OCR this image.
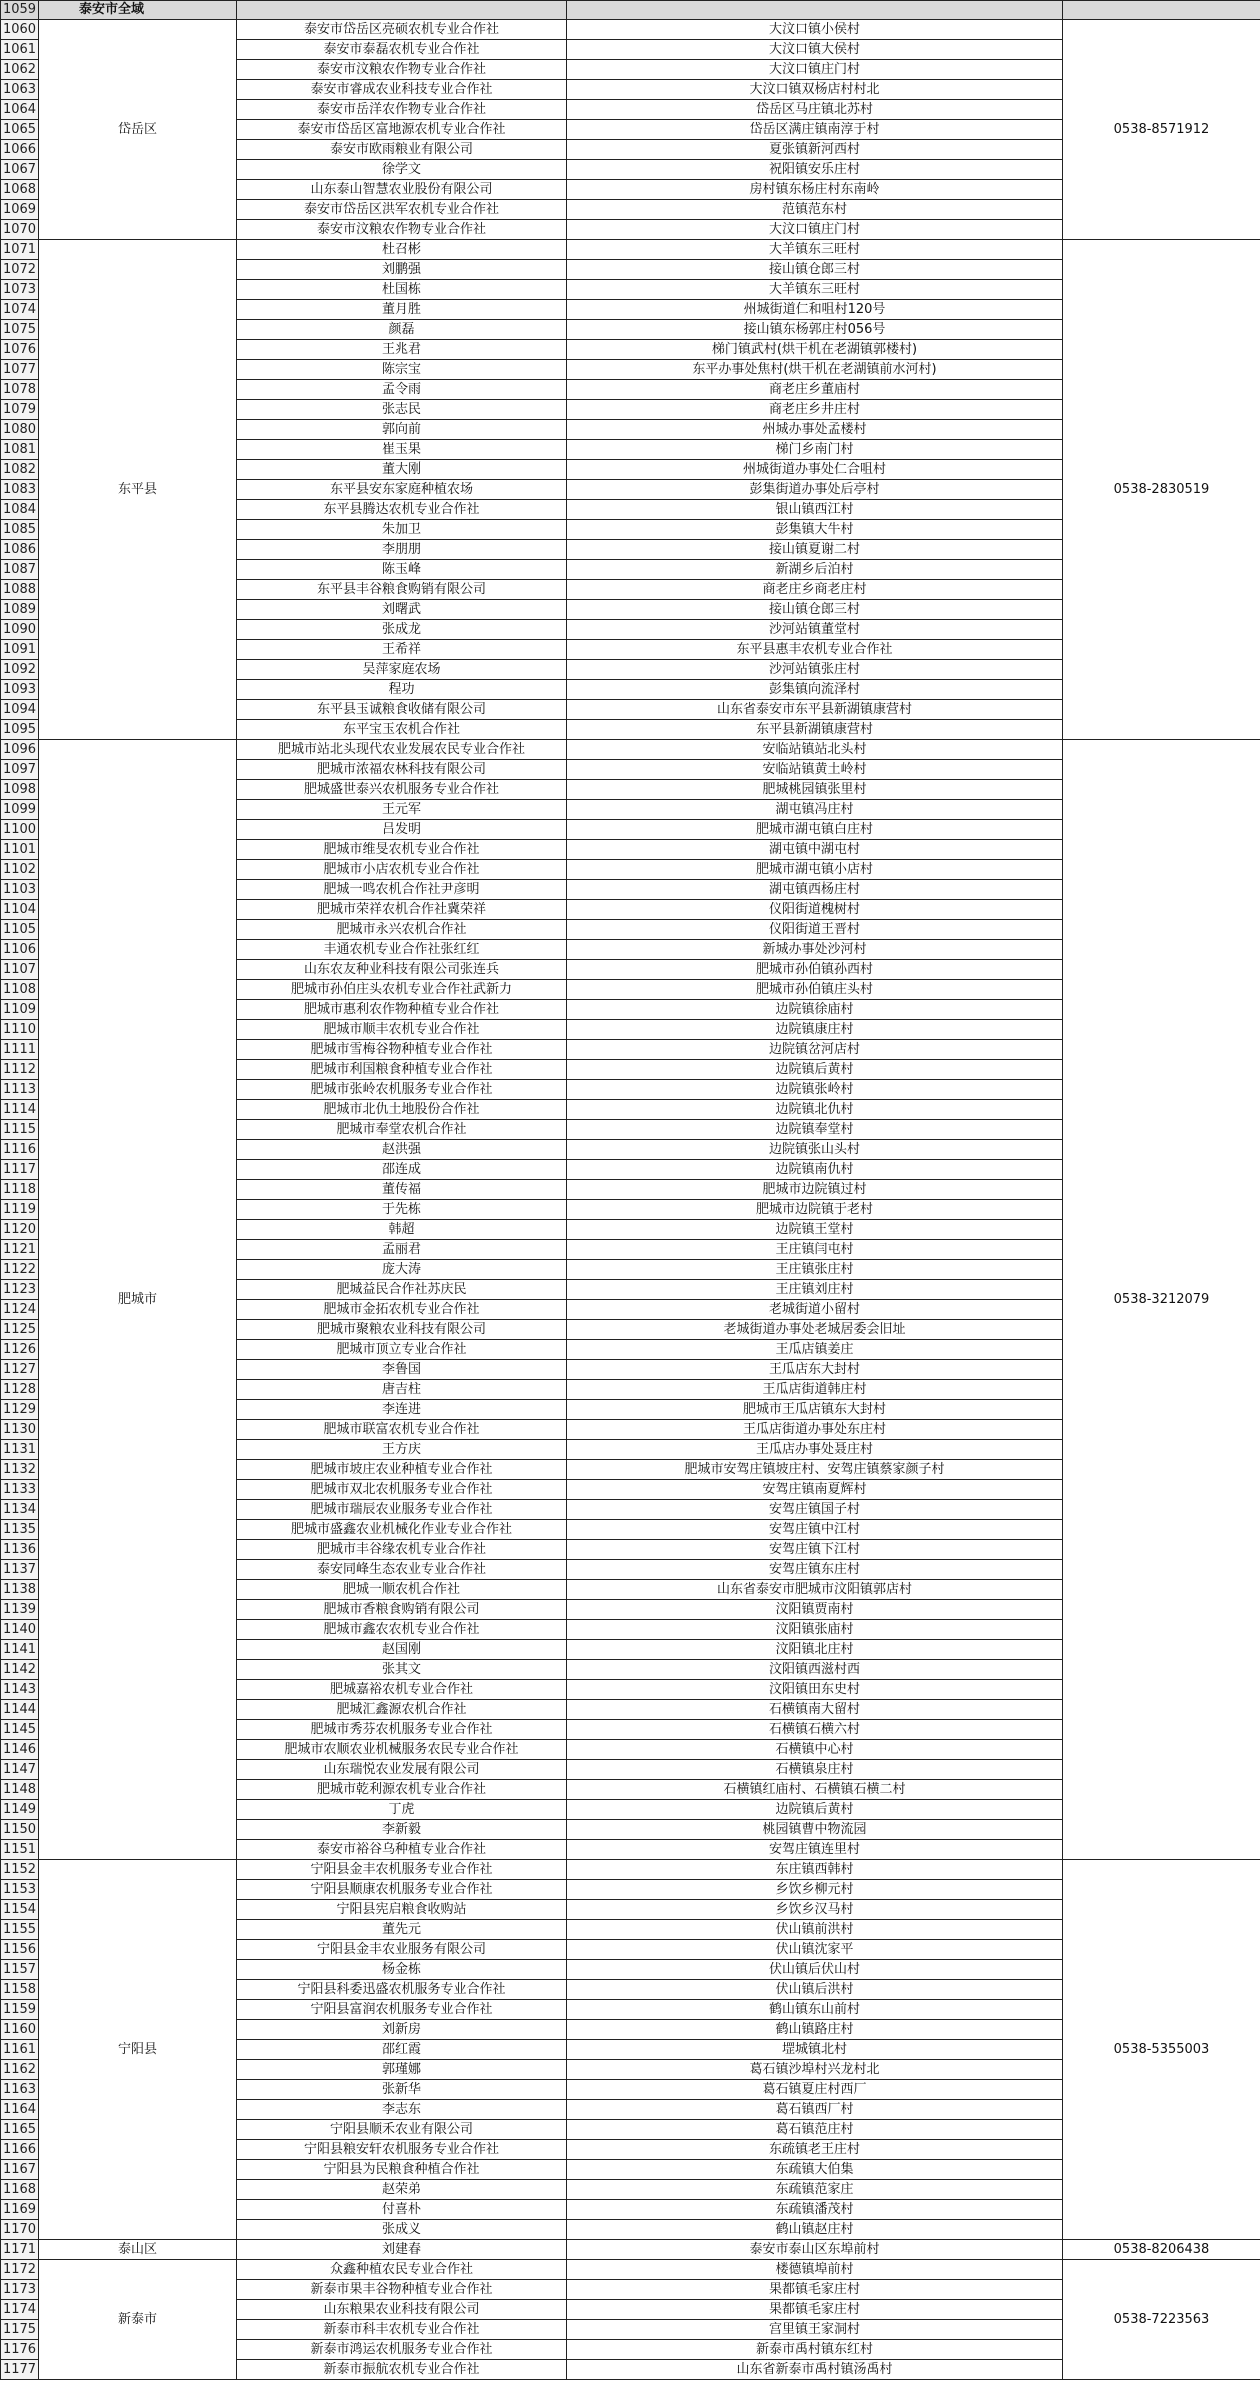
1059	泰安市全域			
1060	岱岳区	泰安市岱岳区亮硕农机专业合作社	大汶口镇小侯村	0538-8571912
1061		泰安市泰磊农机专业合作社	大汶口镇大侯村	
1062		泰安市汶粮农作物专业合作社	大汶口镇庄门村	
1063		泰安市睿成农业科技专业合作社	大汶口镇双杨店村村北	
1064		泰安市岳洋农作物专业合作社	岱岳区马庄镇北苏村	
1065		泰安市岱岳区富地源农机专业合作社	岱岳区满庄镇南淳于村	
1066		泰安市欧雨粮业有限公司	夏张镇新河西村	
1067		徐学文	祝阳镇安乐庄村	
1068		山东泰山智慧农业股份有限公司	房村镇东杨庄村东南岭	
1069		泰安市岱岳区洪军农机专业合作社	范镇范东村	
1070		泰安市汶粮农作物专业合作社	大汶口镇庄门村	
1071	东平县	杜召彬	大羊镇东三旺村	0538-2830519
1072		刘鹏强	接山镇仓郎三村	
1073		杜国栋	大羊镇东三旺村	
1074		董月胜	州城街道仁和咀村120号	
1075		颜磊	接山镇东杨郭庄村056号	
1076		王兆君	梯门镇武村(烘干机在老湖镇郭楼村)	
1077		陈宗宝	东平办事处焦村(烘干机在老湖镇前水河村)	
1078		孟令雨	商老庄乡董庙村	
1079		张志民	商老庄乡井庄村	
1080		郭向前	州城办事处孟楼村	
1081		崔玉果	梯门乡南门村	
1082		董大刚	州城街道办事处仁合咀村	
1083		东平县安东家庭种植农场	彭集街道办事处后亭村	
1084		东平县腾达农机专业合作社	银山镇西江村	
1085		朱加卫	彭集镇大牛村	
1086		李朋朋	接山镇夏谢二村	
1087		陈玉峰	新湖乡后泊村	
1088		东平县丰谷粮食购销有限公司	商老庄乡商老庄村	
1089		刘曙武	接山镇仓郎三村	
1090		张成龙	沙河站镇董堂村	
1091		王希祥	东平县惠丰农机专业合作社	
1092		吴萍家庭农场	沙河站镇张庄村	
1093		程功	彭集镇向流泽村	
1094		东平县玉诚粮食收储有限公司	山东省泰安市东平县新湖镇康营村	
1095		东平宝玉农机合作社	东平县新湖镇康营村	
1096	肥城市	肥城市站北头现代农业发展农民专业合作社	安临站镇站北头村	0538-3212079
1097		肥城市浓福农林科技有限公司	安临站镇黄土岭村	
1098		肥城盛世泰兴农机服务专业合作社	肥城桃园镇张里村	
1099		王元军	湖屯镇冯庄村	
1100		吕发明	肥城市湖屯镇白庄村	
1101		肥城市维旻农机专业合作社	湖屯镇中湖屯村	
1102		肥城市小店农机专业合作社	肥城市湖屯镇小店村	
1103		肥城一鸣农机合作社尹彦明	湖屯镇西杨庄村	
1104		肥城市荣祥农机合作社冀荣祥	仪阳街道槐树村	
1105		肥城市永兴农机合作社	仪阳街道王晋村	
1106		丰通农机专业合作社张红红	新城办事处沙河村	
1107		山东农友种业科技有限公司张连兵	肥城市孙伯镇孙西村	
1108		肥城市孙伯庄头农机专业合作社武新力	肥城市孙伯镇庄头村	
1109		肥城市惠利农作物种植专业合作社	边院镇徐庙村	
1110		肥城市顺丰农机专业合作社	边院镇康庄村	
1111		肥城市雪梅谷物种植专业合作社	边院镇岔河店村	
1112		肥城市利国粮食种植专业合作社	边院镇后黄村	
1113		肥城市张岭农机服务专业合作社	边院镇张岭村	
1114		肥城市北仇土地股份合作社	边院镇北仇村	
1115		肥城市奉堂农机合作社	边院镇奉堂村	
1116		赵洪强	边院镇张山头村	
1117		邵连成	边院镇南仇村	
1118		董传福	肥城市边院镇过村	
1119		于先栋	肥城市边院镇于老村	
1120		韩超	边院镇王堂村	
1121		孟丽君	王庄镇闫屯村	
1122		庞大涛	王庄镇张庄村	
1123		肥城益民合作社苏庆民	王庄镇刘庄村	
1124		肥城市金拓农机专业合作社	老城街道小留村	
1125		肥城市聚粮农业科技有限公司	老城街道办事处老城居委会旧址	
1126		肥城市顶立专业合作社	王瓜店镇姜庄	
1127		李鲁国	王瓜店东大封村	
1128		唐吉柱	王瓜店街道韩庄村	
1129		李连进	肥城市王瓜店镇东大封村	
1130		肥城市联富农机专业合作社	王瓜店街道办事处东庄村	
1131		王方庆	王瓜店办事处聂庄村	
1132		肥城市坡庄农业种植专业合作社	肥城市安驾庄镇坡庄村、安驾庄镇蔡家颜子村	
1133		肥城市双北农机服务专业合作社	安驾庄镇南夏辉村	
1134		肥城市瑞辰农业服务专业合作社	安驾庄镇国子村	
1135		肥城市盛鑫农业机械化作业专业合作社	安驾庄镇中江村	
1136		肥城市丰谷缘农机专业合作社	安驾庄镇下江村	
1137		泰安同峰生态农业专业合作社	安驾庄镇东庄村	
1138		肥城一顺农机合作社	山东省泰安市肥城市汶阳镇郭店村	
1139		肥城市香粮食购销有限公司	汶阳镇贾南村	
1140		肥城市鑫农农机专业合作社	汶阳镇张庙村	
1141		赵国刚	汶阳镇北庄村	
1142		张其文	汶阳镇西滋村西	
1143		肥城嘉裕农机专业合作社	汶阳镇田东史村	
1144		肥城汇鑫源农机合作社	石横镇南大留村	
1145		肥城市秀芬农机服务专业合作社	石横镇石横六村	
1146		肥城市农顺农业机械服务农民专业合作社	石横镇中心村	
1147		山东瑞悦农业发展有限公司	石横镇泉庄村	
1148		肥城市乾利源农机专业合作社	石横镇红庙村、石横镇石横二村	
1149		丁虎	边院镇后黄村	
1150		李新毅	桃园镇曹中物流园	
1151		泰安市裕谷乌种植专业合作社	安驾庄镇连里村	
1152	宁阳县	宁阳县金丰农机服务专业合作社	东庄镇西韩村	0538-5355003
1153		宁阳县顺康农机服务专业合作社	乡饮乡柳元村	
1154		宁阳县宪启粮食收购站	乡饮乡汉马村	
1155		董先元	伏山镇前洪村	
1156		宁阳县金丰农业服务有限公司	伏山镇沈家平	
1157		杨金栋	伏山镇后伏山村	
1158		宁阳县科委迅盛农机服务专业合作社	伏山镇后洪村	
1159		宁阳县富润农机服务专业合作社	鹤山镇东山前村	
1160		刘新房	鹤山镇路庄村	
1161		邵红霞	堽城镇北村	
1162		郭瑾娜	葛石镇沙埠村兴龙村北	
1163		张新华	葛石镇夏庄村西厂	
1164		李志东	葛石镇西厂村	
1165		宁阳县顺禾农业有限公司	葛石镇范庄村	
1166		宁阳县粮安轩农机服务专业合作社	东疏镇老王庄村	
1167		宁阳县为民粮食种植合作社	东疏镇大伯集	
1168		赵荣弟	东疏镇范家庄	
1169		付喜朴	东疏镇潘茂村	
1170		张成义	鹤山镇赵庄村	
1171	泰山区	刘建春	泰安市泰山区东埠前村	0538-8206438
1172	新泰市	众鑫种植农民专业合作社	楼德镇埠前村	0538-7223563
1173		新泰市果丰谷物种植专业合作社	果都镇毛家庄村	
1174		山东粮果农业科技有限公司	果都镇毛家庄村	
1175		新泰市科丰农机专业合作社	宫里镇王家洞村	
1176		新泰市鸿运农机服务专业合作社	新泰市禹村镇东红村	
1177		新泰市振航农机专业合作社	山东省新泰市禹村镇汤禹村	
